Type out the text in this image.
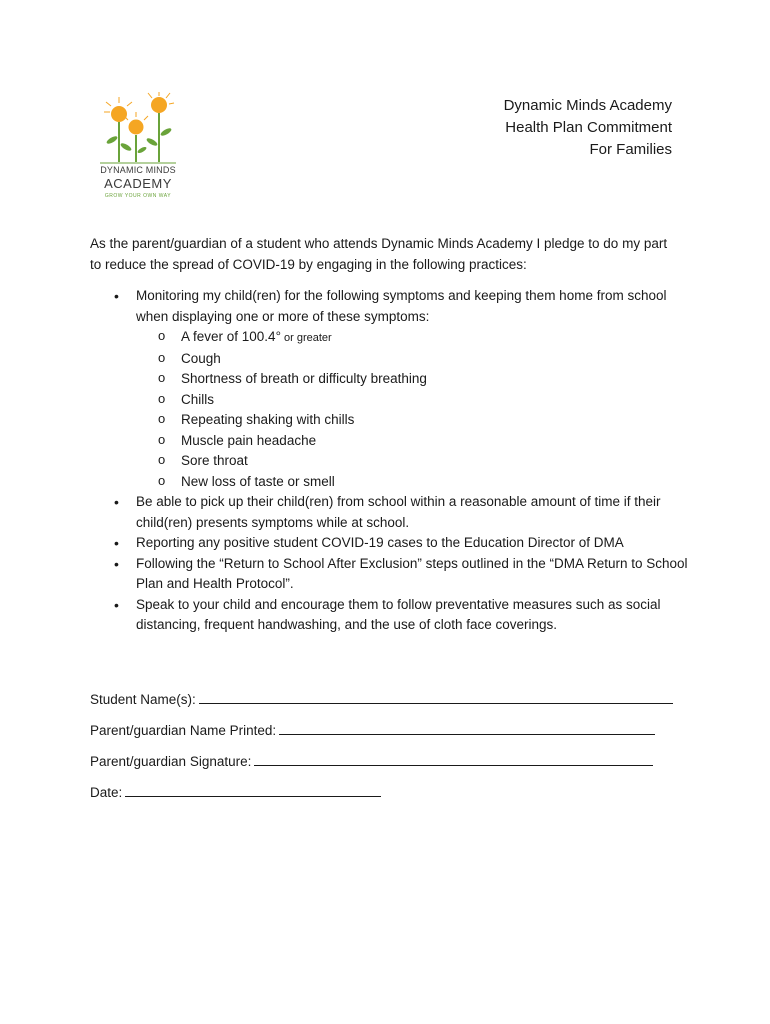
DYNAMIC MINDS
ACADEMY
GROW YOUR OWN WAY
Dynamic Minds Academy
Health Plan Commitment
For Families
As the parent/guardian of a student who attends Dynamic Minds Academy I pledge to do my part to reduce the spread of COVID-19 by engaging in the following practices:
• Monitoring my child(ren) for the following symptoms and keeping them home from school when displaying one or more of these symptoms:
o A fever of 100.4° or greater
o Cough
o Shortness of breath or difficulty breathing
o Chills
o Repeating shaking with chills
o Muscle pain headache
o Sore throat
o New loss of taste or smell
• Be able to pick up their child(ren) from school within a reasonable amount of time if their child(ren) presents symptoms while at school.
• Reporting any positive student COVID-19 cases to the Education Director of DMA
• Following the “Return to School After Exclusion” steps outlined in the “DMA Return to School Plan and Health Protocol”.
• Speak to your child and encourage them to follow preventative measures such as social distancing, frequent handwashing, and the use of cloth face coverings.
Student Name(s):
Parent/guardian Name Printed:
Parent/guardian Signature:
Date:
